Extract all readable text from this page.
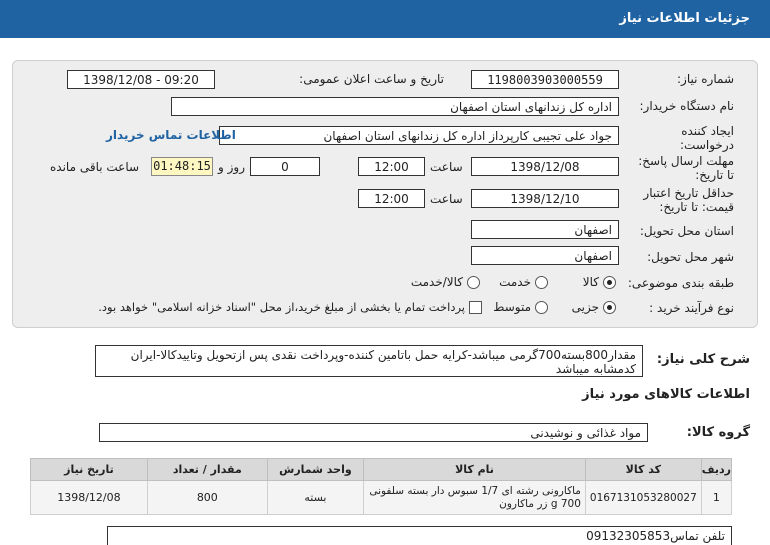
جزئیات اطلاعات نیاز
شماره نیاز:
1198003903000559
تاریخ و ساعت اعلان عمومی:
1398/12/08 - 09:20
نام دستگاه خریدار:
اداره کل زندانهای استان اصفهان
ایجاد کننده
درخواست:
جواد علی تجیبی کارپرداز اداره کل زندانهای استان اصفهان
اطلاعات تماس خریدار
مهلت ارسال پاسخ:
تا تاریخ:
1398/12/08
ساعت
12:00
0
روز و
01:48:15
ساعت باقی مانده
حداقل تاریخ اعتبار
قیمت: تا تاریخ:
1398/12/10
ساعت
12:00
استان محل تحویل:
اصفهان
شهر محل تحویل:
اصفهان
طبقه بندی موضوعی:
کالا
خدمت
کالا/خدمت
نوع فرآیند خرید :
جزیی
متوسط
پرداخت تمام یا بخشی از مبلغ خرید،از محل "اسناد خزانه اسلامی" خواهد بود.
شرح کلی نیاز:
مقدار800بسته700گرمی میباشد-کرایه حمل باتامین کننده-وپرداخت نقدی پس ازتحویل وتاییدکالا-ایران کدمشابه میباشد
اطلاعات کالاهای مورد نیاز
گروه کالا:
مواد غذائی و نوشیدنی
ردیف	کد کالا	نام کالا	واحد شمارش	مقدار / تعداد	تاریخ نیاز
1	0167131053280027	ماکارونی رشته ای 1/7 سبوس دار بسته سلفونی 700 g زر ماکارون	بسته	800	1398/12/08
تلفن تماس09132305853
